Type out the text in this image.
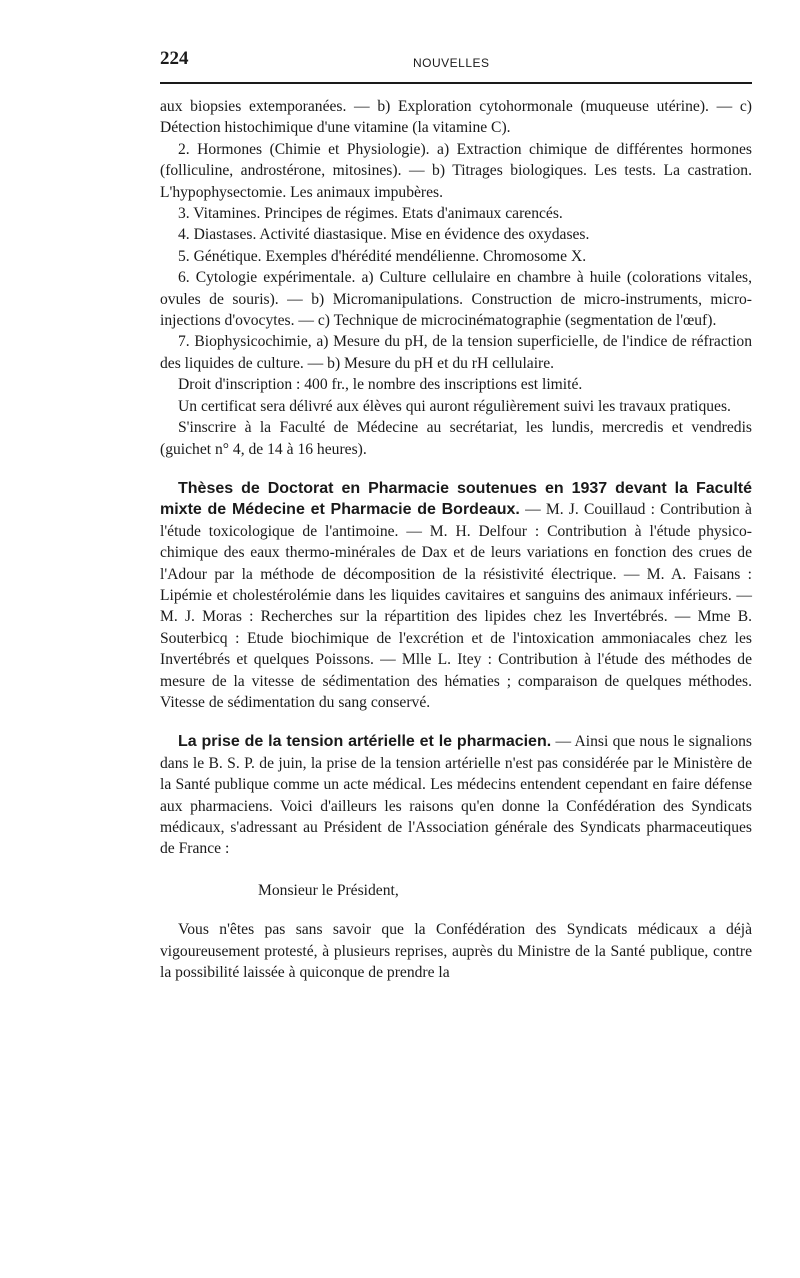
224	NOUVELLES

aux biopsies extemporanées. — b) Exploration cytohormonale (muqueuse utérine). — c) Détection histochimique d'une vitamine (la vitamine C).

2. Hormones (Chimie et Physiologie). a) Extraction chimique de différentes hormones (folliculine, androstérone, mitosines). — b) Titrages biologiques. Les tests. La castration. L'hypophysectomie. Les animaux impubères.

3. Vitamines. Principes de régimes. Etats d'animaux carencés.

4. Diastases. Activité diastasique. Mise en évidence des oxydases.

5. Génétique. Exemples d'hérédité mendélienne. Chromosome X.

6. Cytologie expérimentale. a) Culture cellulaire en chambre à huile (colorations vitales, ovules de souris). — b) Micromanipulations. Construction de micro-instruments, micro-injections d'ovocytes. — c) Technique de microcinématographie (segmentation de l'œuf).

7. Biophysicochimie, a) Mesure du pH, de la tension superficielle, de l'indice de réfraction des liquides de culture. — b) Mesure du pH et du rH cellulaire.

Droit d'inscription : 400 fr., le nombre des inscriptions est limité.

Un certificat sera délivré aux élèves qui auront régulièrement suivi les travaux pratiques.

S'inscrire à la Faculté de Médecine au secrétariat, les lundis, mercredis et vendredis (guichet n° 4, de 14 à 16 heures).

Thèses de Doctorat en Pharmacie soutenues en 1937 devant la Faculté mixte de Médecine et Pharmacie de Bordeaux. — M. J. Couillaud : Contribution à l'étude toxicologique de l'antimoine. — M. H. Delfour : Contribution à l'étude physico-chimique des eaux thermo-minérales de Dax et de leurs variations en fonction des crues de l'Adour par la méthode de décomposition de la résistivité électrique. — M. A. Faisans : Lipémie et cholestérolémie dans les liquides cavitaires et sanguins des animaux inférieurs. — M. J. Moras : Recherches sur la répartition des lipides chez les Invertébrés. — Mme B. Souterbicq : Etude biochimique de l'excrétion et de l'intoxication ammoniacales chez les Invertébrés et quelques Poissons. — Mlle L. Itey : Contribution à l'étude des méthodes de mesure de la vitesse de sédimentation des hématies ; comparaison de quelques méthodes. Vitesse de sédimentation du sang conservé.

La prise de la tension artérielle et le pharmacien. — Ainsi que nous le signalions dans le B. S. P. de juin, la prise de la tension artérielle n'est pas considérée par le Ministère de la Santé publique comme un acte médical. Les médecins entendent cependant en faire défense aux pharmaciens. Voici d'ailleurs les raisons qu'en donne la Confédération des Syndicats médicaux, s'adressant au Président de l'Association générale des Syndicats pharmaceutiques de France :

Monsieur le Président,

Vous n'êtes pas sans savoir que la Confédération des Syndicats médicaux a déjà vigoureusement protesté, à plusieurs reprises, auprès du Ministre de la Santé publique, contre la possibilité laissée à quiconque de prendre la
